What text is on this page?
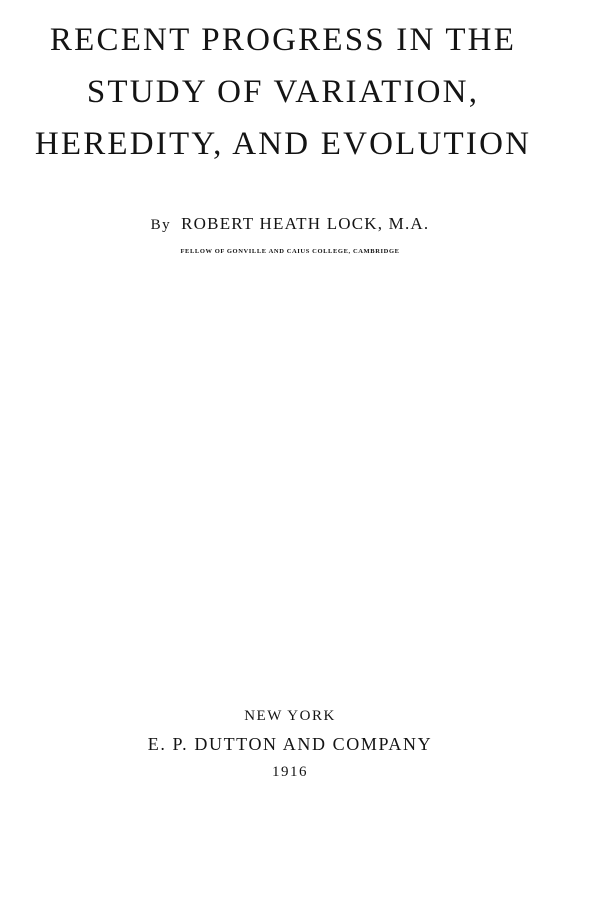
RECENT PROGRESS IN THE
STUDY OF VARIATION,
HEREDITY, AND EVOLUTION
By ROBERT HEATH LOCK, M.A.
FELLOW OF GONVILLE AND CAIUS COLLEGE, CAMBRIDGE
NEW YORK
E. P. DUTTON AND COMPANY
1916
